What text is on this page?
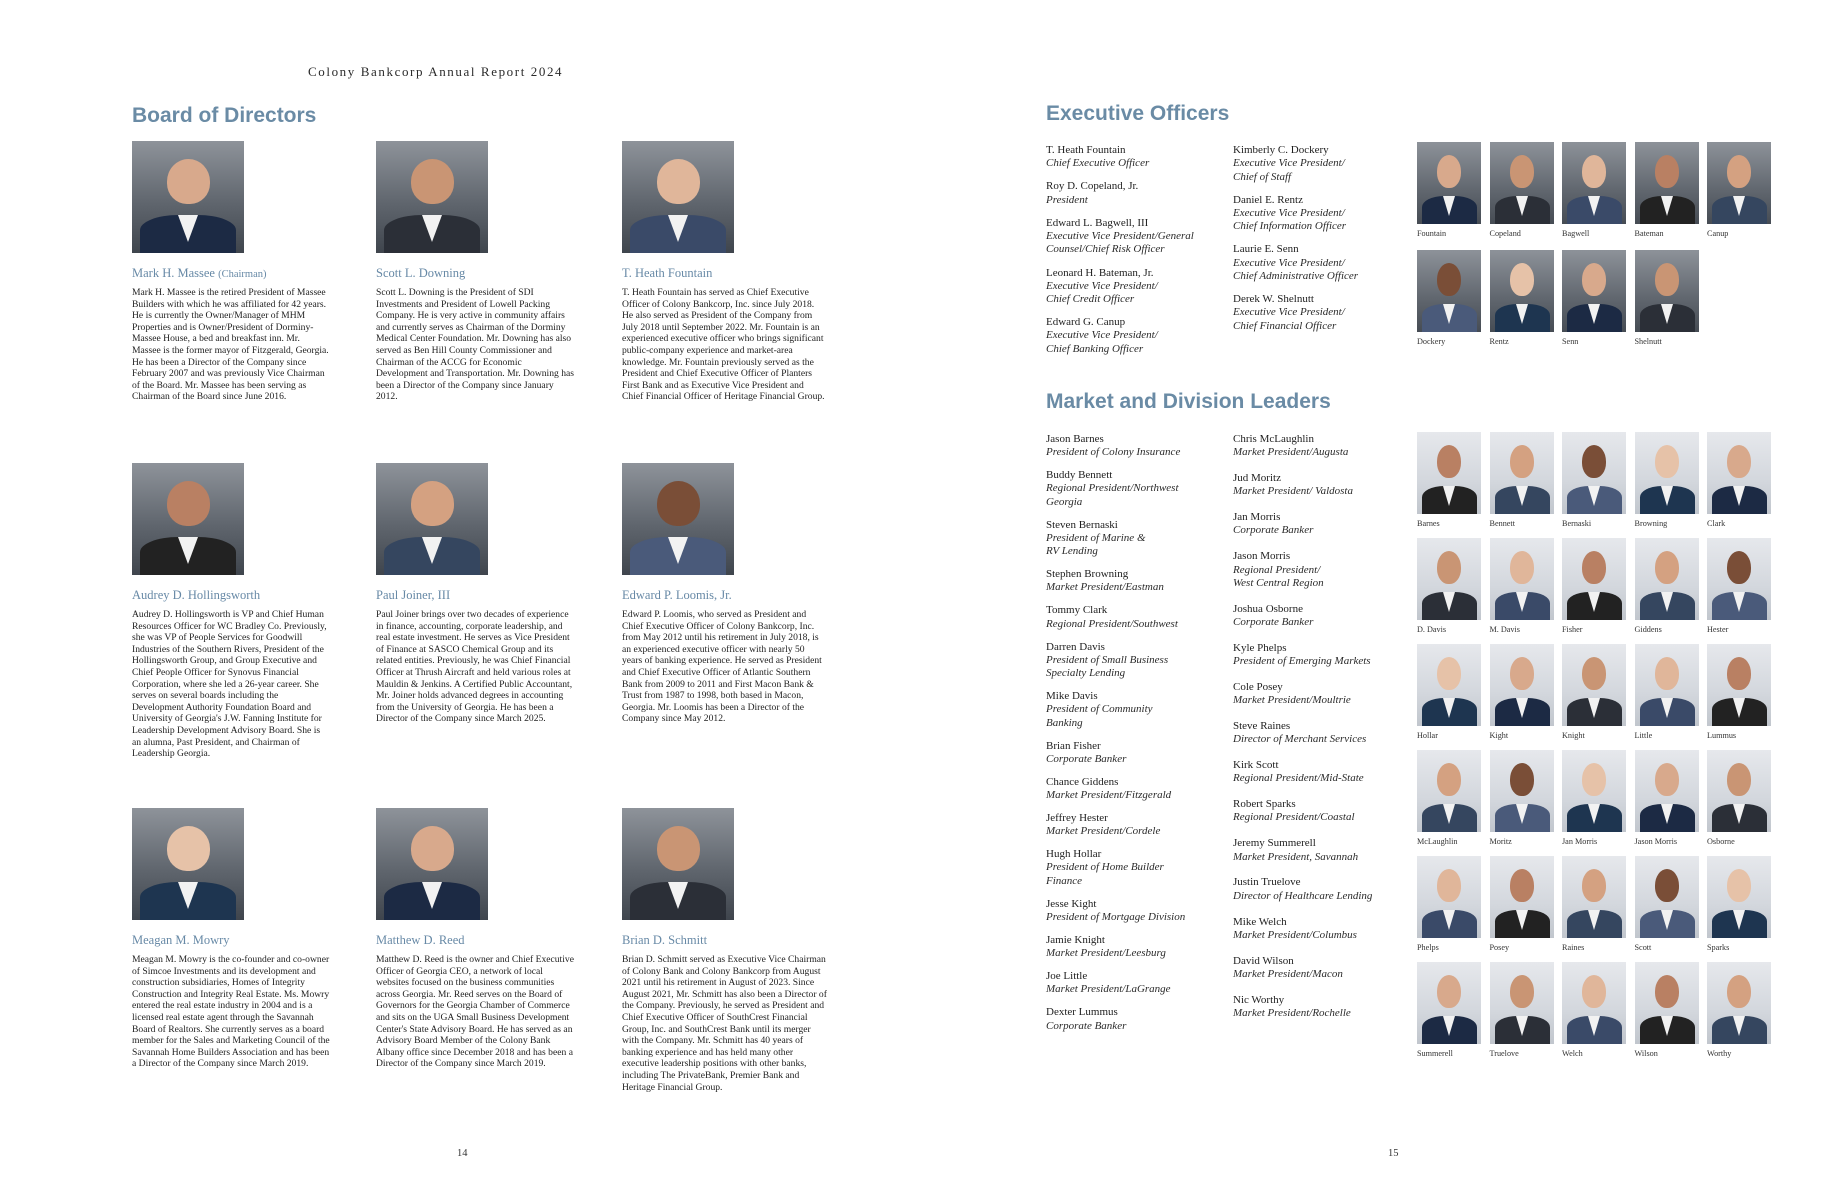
Colony Bankcorp Annual Report 2024
Board of Directors
Mark H. Massee (Chairman)
Mark H. Massee is the retired President of Massee Builders with which he was affiliated for 42 years. He is currently the Owner/Manager of MHM Properties and is Owner/President of Dorminy-Massee House, a bed and breakfast inn. Mr. Massee is the former mayor of Fitzgerald, Georgia. He has been a Director of the Company since February 2007 and was previously Vice Chairman of the Board. Mr. Massee has been serving as Chairman of the Board since June 2016.
Scott L. Downing
Scott L. Downing is the President of SDI Investments and President of Lowell Packing Company. He is very active in community affairs and currently serves as Chairman of the Dorminy Medical Center Foundation. Mr. Downing has also served as Ben Hill County Commissioner and Chairman of the ACCG for Economic Development and Transportation. Mr. Downing has been a Director of the Company since January 2012.
T. Heath Fountain
T. Heath Fountain has served as Chief Executive Officer of Colony Bankcorp, Inc. since July 2018. He also served as President of the Company from July 2018 until September 2022. Mr. Fountain is an experienced executive officer who brings significant public-company experience and market-area knowledge. Mr. Fountain previously served as the President and Chief Executive Officer of Planters First Bank and as Executive Vice President and Chief Financial Officer of Heritage Financial Group.
Audrey D. Hollingsworth
Audrey D. Hollingsworth is VP and Chief Human Resources Officer for WC Bradley Co. Previously, she was VP of People Services for Goodwill Industries of the Southern Rivers, President of the Hollingsworth Group, and Group Executive and Chief People Officer for Synovus Financial Corporation, where she led a 26-year career. She serves on several boards including the Development Authority Foundation Board and University of Georgia's J.W. Fanning Institute for Leadership Development Advisory Board. She is an alumna, Past President, and Chairman of Leadership Georgia.
Paul Joiner, III
Paul Joiner brings over two decades of experience in finance, accounting, corporate leadership, and real estate investment. He serves as Vice President of Finance at SASCO Chemical Group and its related entities. Previously, he was Chief Financial Officer at Thrush Aircraft and held various roles at Mauldin & Jenkins. A Certified Public Accountant, Mr. Joiner holds advanced degrees in accounting from the University of Georgia. He has been a Director of the Company since March 2025.
Edward P. Loomis, Jr.
Edward P. Loomis, who served as President and Chief Executive Officer of Colony Bankcorp, Inc. from May 2012 until his retirement in July 2018, is an experienced executive officer with nearly 50 years of banking experience. He served as President and Chief Executive Officer of Atlantic Southern Bank from 2009 to 2011 and First Macon Bank & Trust from 1987 to 1998, both based in Macon, Georgia. Mr. Loomis has been a Director of the Company since May 2012.
Meagan M. Mowry
Meagan M. Mowry is the co-founder and co-owner of Simcoe Investments and its development and construction subsidiaries, Homes of Integrity Construction and Integrity Real Estate. Ms. Mowry entered the real estate industry in 2004 and is a licensed real estate agent through the Savannah Board of Realtors. She currently serves as a board member for the Sales and Marketing Council of the Savannah Home Builders Association and has been a Director of the Company since March 2019.
Matthew D. Reed
Matthew D. Reed is the owner and Chief Executive Officer of Georgia CEO, a network of local websites focused on the business communities across Georgia. Mr. Reed serves on the Board of Governors for the Georgia Chamber of Commerce and sits on the UGA Small Business Development Center's State Advisory Board. He has served as an Advisory Board Member of the Colony Bank Albany office since December 2018 and has been a Director of the Company since March 2019.
Brian D. Schmitt
Brian D. Schmitt served as Executive Vice Chairman of Colony Bank and Colony Bankcorp from August 2021 until his retirement in August of 2023. Since August 2021, Mr. Schmitt has also been a Director of the Company. Previously, he served as President and Chief Executive Officer of SouthCrest Financial Group, Inc. and SouthCrest Bank until its merger with the Company. Mr. Schmitt has 40 years of banking experience and has held many other executive leadership positions with other banks, including The PrivateBank, Premier Bank and Heritage Financial Group.
14
Executive Officers
T. Heath Fountain
Chief Executive Officer
Roy D. Copeland, Jr.
President
Edward L. Bagwell, III
Executive Vice President/General
Counsel/Chief Risk Officer
Leonard H. Bateman, Jr.
Executive Vice President/
Chief Credit Officer
Edward G. Canup
Executive Vice President/
Chief Banking Officer
Kimberly C. Dockery
Executive Vice President/
Chief of Staff
Daniel E. Rentz
Executive Vice President/
Chief Information Officer
Laurie E. Senn
Executive Vice President/
Chief Administrative Officer
Derek W. Shelnutt
Executive Vice President/
Chief Financial Officer
Fountain	Copeland	Bagwell	Bateman	Canup
Dockery	Rentz	Senn	Shelnutt
Market and Division Leaders
Jason Barnes
President of Colony Insurance
Buddy Bennett
Regional President/Northwest
Georgia
Steven Bernaski
President of Marine &
RV Lending
Stephen Browning
Market President/Eastman
Tommy Clark
Regional President/Southwest
Darren Davis
President of Small Business
Specialty Lending
Mike Davis
President of Community
Banking
Brian Fisher
Corporate Banker
Chance Giddens
Market President/Fitzgerald
Jeffrey Hester
Market President/Cordele
Hugh Hollar
President of Home Builder
Finance
Jesse Kight
President of Mortgage Division
Jamie Knight
Market President/Leesburg
Joe Little
Market President/LaGrange
Dexter Lummus
Corporate Banker
Chris McLaughlin
Market President/Augusta
Jud Moritz
Market President/ Valdosta
Jan Morris
Corporate Banker
Jason Morris
Regional President/
West Central Region
Joshua Osborne
Corporate Banker
Kyle Phelps
President of Emerging Markets
Cole Posey
Market President/Moultrie
Steve Raines
Director of Merchant Services
Kirk Scott
Regional President/Mid-State
Robert Sparks
Regional President/Coastal
Jeremy Summerell
Market President, Savannah
Justin Truelove
Director of Healthcare Lending
Mike Welch
Market President/Columbus
David Wilson
Market President/Macon
Nic Worthy
Market President/Rochelle
Barnes	Bennett	Bernaski	Browning	Clark
D. Davis	M. Davis	Fisher	Giddens	Hester
Hollar	Kight	Knight	Little	Lummus
McLaughlin	Moritz	Jan Morris	Jason Morris	Osborne
Phelps	Posey	Raines	Scott	Sparks
Summerell	Truelove	Welch	Wilson	Worthy
15
